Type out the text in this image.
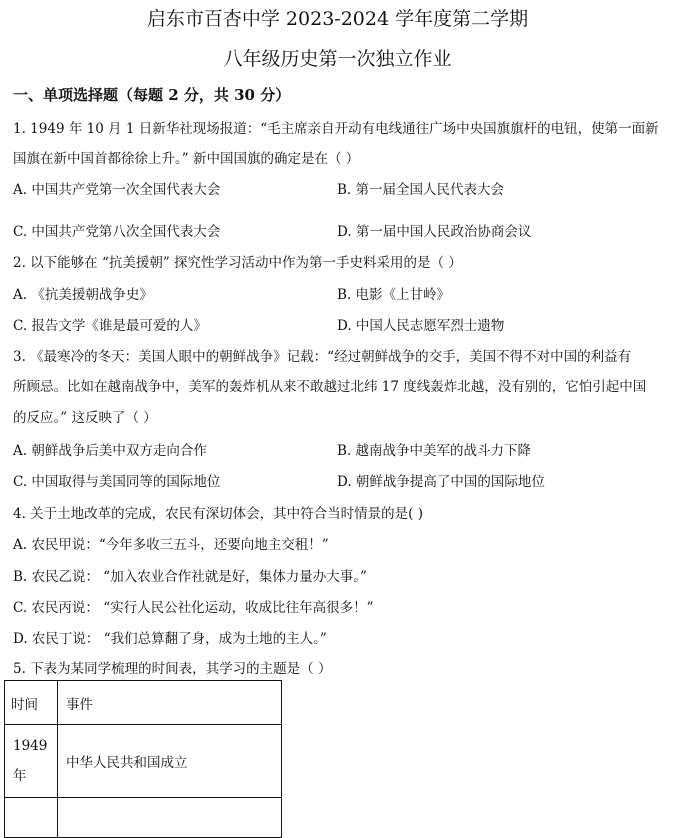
启东市百杏中学 2023-2024 学年度第二学期
八年级历史第一次独立作业
一、单项选择题（每题 2 分，共 30 分）
1. 1949 年 10 月 1 日新华社现场报道：“毛主席亲自开动有电线通往广场中央国旗旗杆的电钮，使第一面新
国旗在新中国首都徐徐上升。” 新中国国旗的确定是在（ ）
A. 中国共产党第一次全国代表大会	B. 第一届全国人民代表大会
C. 中国共产党第八次全国代表大会	D. 第一届中国人民政治协商会议
2. 以下能够在 “抗美援朝” 探究性学习活动中作为第一手史料采用的是（ ）
A. 《抗美援朝战争史》	B. 电影《上甘岭》
C. 报告文学《谁是最可爱的人》	D. 中国人民志愿军烈士遗物
3. 《最寒冷的冬天：美国人眼中的朝鲜战争》记载：“经过朝鲜战争的交手，美国不得不对中国的利益有
所顾忌。比如在越南战争中，美军的轰炸机从来不敢越过北纬 17 度线轰炸北越，没有别的，它怕引起中国
的反应。” 这反映了（ ）
A. 朝鲜战争后美中双方走向合作	B. 越南战争中美军的战斗力下降
C. 中国取得与美国同等的国际地位	D. 朝鲜战争提高了中国的国际地位
4. 关于土地改革的完成，农民有深切体会，其中符合当时情景的是( )
A. 农民甲说：“今年多收三五斗，还要向地主交租！”
B. 农民乙说： “加入农业合作社就是好，集体力量办大事。”
C. 农民丙说： “实行人民公社化运动，收成比往年高很多！”
D. 农民丁说： “我们总算翻了身，成为土地的主人。”
5. 下表为某同学梳理的时间表，其学习的主题是（ ）
时间	事件

1949
年	中华人民共和国成立
